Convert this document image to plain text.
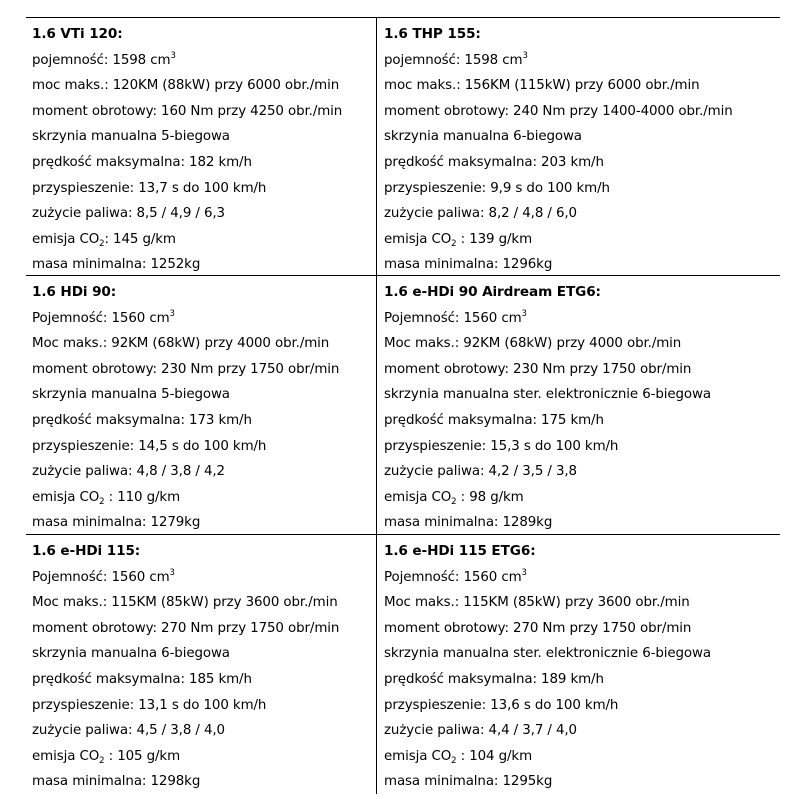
1.6 VTi 120:
pojemność: 1598 $cm^3$
moc maks.: 120KM (88kW) przy 6000 obr./min
moment obrotowy: 160 Nm przy 4250 obr./min
skrzynia manualna 5-biegowa
prędkość maksymalna: 182 km/h
przyspieszenie: 13,7 s do 100 km/h
zużycie paliwa: 8,5 / 4,9 / 6,3
emisja $CO_2$: 145 g/km
masa minimalna: 1252kg
1.6 THP 155:
pojemność: 1598 $cm^3$
moc maks.: 156KM (115kW) przy 6000 obr./min
moment obrotowy: 240 Nm przy 1400-4000 obr./min
skrzynia manualna 6-biegowa
prędkość maksymalna: 203 km/h
przyspieszenie: 9,9 s do 100 km/h
zużycie paliwa: 8,2 / 4,8 / 6,0
emisja $CO_2$ : 139 g/km
masa minimalna: 1296kg
1.6 HDi 90:
Pojemność: 1560 $cm^3$
Moc maks.: 92KM (68kW) przy 4000 obr./min
moment obrotowy: 230 Nm przy 1750 obr/min
skrzynia manualna 5-biegowa
prędkość maksymalna: 173 km/h
przyspieszenie: 14,5 s do 100 km/h
zużycie paliwa: 4,8 / 3,8 / 4,2
emisja $CO_2$ : 110 g/km
masa minimalna: 1279kg
1.6 e-HDi 90 Airdream ETG6:
Pojemność: 1560 $cm^3$
Moc maks.: 92KM (68kW) przy 4000 obr./min
moment obrotowy: 230 Nm przy 1750 obr/min
skrzynia manualna ster. elektronicznie 6-biegowa
prędkość maksymalna: 175 km/h
przyspieszenie: 15,3 s do 100 km/h
zużycie paliwa: 4,2 / 3,5 / 3,8
emisja $CO_2$ : 98 g/km
masa minimalna: 1289kg
1.6 e-HDi 115:
Pojemność: 1560 $cm^3$
Moc maks.: 115KM (85kW) przy 3600 obr./min
moment obrotowy: 270 Nm przy 1750 obr/min
skrzynia manualna 6-biegowa
prędkość maksymalna: 185 km/h
przyspieszenie: 13,1 s do 100 km/h
zużycie paliwa: 4,5 / 3,8 / 4,0
emisja $CO_2$ : 105 g/km
masa minimalna: 1298kg
1.6 e-HDi 115 ETG6:
Pojemność: 1560 $cm^3$
Moc maks.: 115KM (85kW) przy 3600 obr./min
moment obrotowy: 270 Nm przy 1750 obr/min
skrzynia manualna ster. elektronicznie 6-biegowa
prędkość maksymalna: 189 km/h
przyspieszenie: 13,6 s do 100 km/h
zużycie paliwa: 4,4 / 3,7 / 4,0
emisja $CO_2$ : 104 g/km
masa minimalna: 1295kg
